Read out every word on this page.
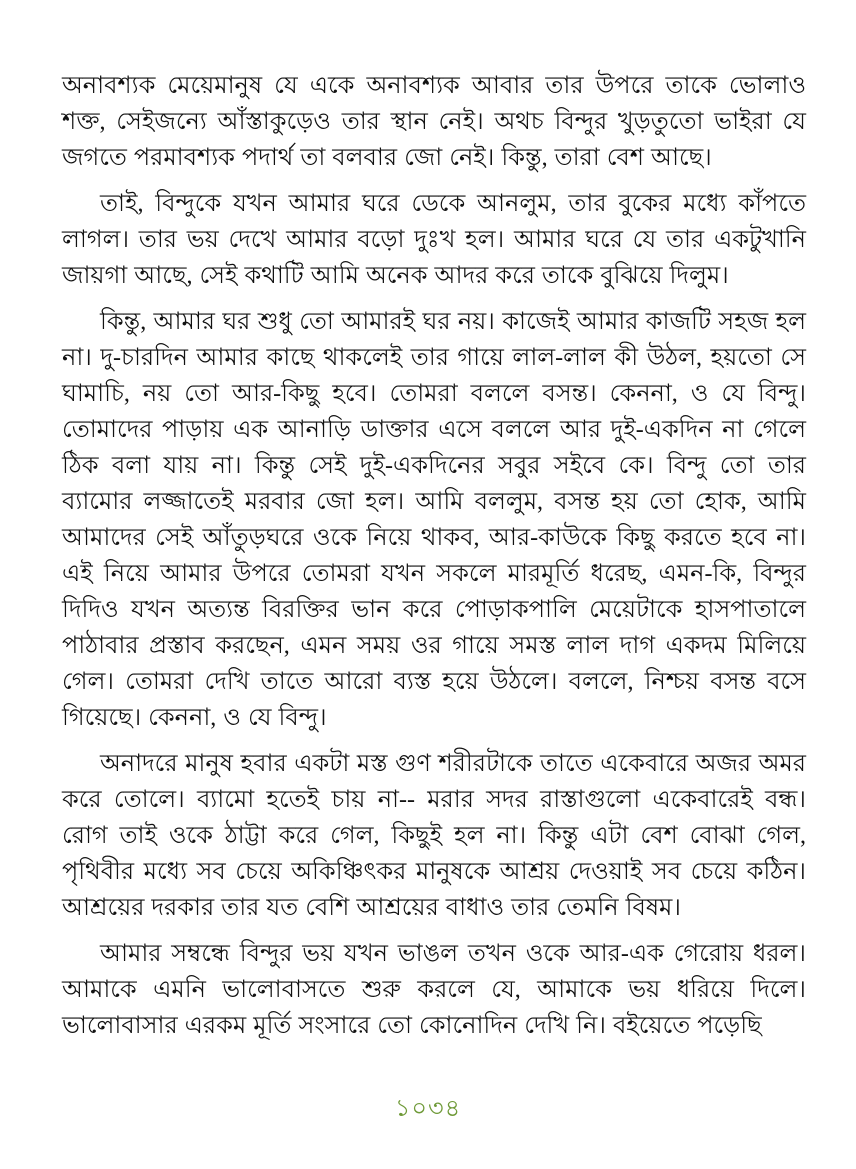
অনাবশ্যক মেয়েমানুষ যে একে অনাবশ্যক আবার তার উপরে তাকে ভোলাও শক্ত, সেইজন্যে আঁস্তাকুড়েও তার স্থান নেই। অথচ বিন্দুর খুড়তুতো ভাইরা যে জগতে পরমাবশ্যক পদার্থ তা বলবার জো নেই। কিন্তু, তারা বেশ আছে।

তাই, বিন্দুকে যখন আমার ঘরে ডেকে আনলুম, তার বুকের মধ্যে কাঁপতে লাগল। তার ভয় দেখে আমার বড়ো দুঃখ হল। আমার ঘরে যে তার একটুখানি জায়গা আছে, সেই কথাটি আমি অনেক আদর করে তাকে বুঝিয়ে দিলুম।

কিন্তু, আমার ঘর শুধু তো আমারই ঘর নয়। কাজেই আমার কাজটি সহজ হল না। দু-চারদিন আমার কাছে থাকলেই তার গায়ে লাল-লাল কী উঠল, হয়তো সে ঘামাচি, নয় তো আর-কিছু হবে। তোমরা বললে বসন্ত। কেননা, ও যে বিন্দু। তোমাদের পাড়ায় এক আনাড়ি ডাক্তার এসে বললে আর দুই-একদিন না গেলে ঠিক বলা যায় না। কিন্তু সেই দুই-একদিনের সবুর সইবে কে। বিন্দু তো তার ব্যামোর লজ্জাতেই মরবার জো হল। আমি বললুম, বসন্ত হয় তো হোক, আমি আমাদের সেই আঁতুড়ঘরে ওকে নিয়ে থাকব, আর-কাউকে কিছু করতে হবে না। এই নিয়ে আমার উপরে তোমরা যখন সকলে মারমূর্তি ধরেছ, এমন-কি, বিন্দুর দিদিও যখন অত্যন্ত বিরক্তির ভান করে পোড়াকপালি মেয়েটাকে হাসপাতালে পাঠাবার প্রস্তাব করছেন, এমন সময় ওর গায়ে সমস্ত লাল দাগ একদম মিলিয়ে গেল। তোমরা দেখি তাতে আরো ব্যস্ত হয়ে উঠলে। বললে, নিশ্চয় বসন্ত বসে গিয়েছে। কেননা, ও যে বিন্দু।

অনাদরে মানুষ হবার একটা মস্ত গুণ শরীরটাকে তাতে একেবারে অজর অমর করে তোলে। ব্যামো হতেই চায় না-- মরার সদর রাস্তাগুলো একেবারেই বন্ধ। রোগ তাই ওকে ঠাট্টা করে গেল, কিছুই হল না। কিন্তু এটা বেশ বোঝা গেল, পৃথিবীর মধ্যে সব চেয়ে অকিঞ্চিৎকর মানুষকে আশ্রয় দেওয়াই সব চেয়ে কঠিন। আশ্রয়ের দরকার তার যত বেশি আশ্রয়ের বাধাও তার তেমনি বিষম।

আমার সম্বন্ধে বিন্দুর ভয় যখন ভাঙল তখন ওকে আর-এক গেরোয় ধরল। আমাকে এমনি ভালোবাসতে শুরু করলে যে, আমাকে ভয় ধরিয়ে দিলে। ভালোবাসার এরকম মূর্তি সংসারে তো কোনোদিন দেখি নি। বইয়েতে পড়েছি

১০৩৪
